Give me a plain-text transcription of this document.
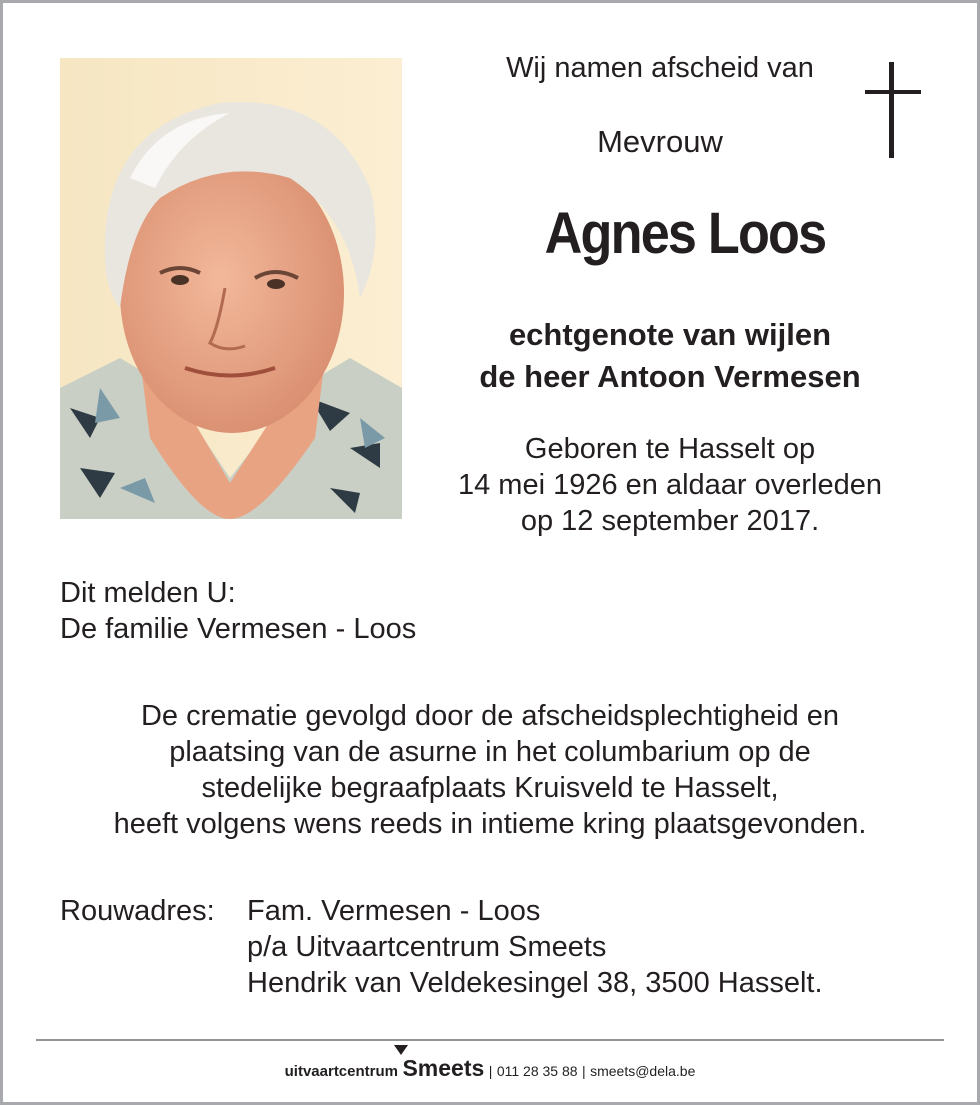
Wij namen afscheid van
Mevrouw
Agnes Loos
echtgenote van wijlen
de heer Antoon Vermesen
Geboren te Hasselt op
14 mei 1926 en aldaar overleden
op 12 september 2017.
Dit melden U:
De familie Vermesen - Loos
De crematie gevolgd door de afscheidsplechtigheid en
plaatsing van de asurne in het columbarium op de
stedelijke begraafplaats Kruisveld te Hasselt,
heeft volgens wens reeds in intieme kring plaatsgevonden.
Rouwadres: Fam. Vermesen - Loos
p/a Uitvaartcentrum Smeets
Hendrik van Veldekesingel 38, 3500 Hasselt.
uitvaartcentrum Smeets | 011 28 35 88 | smeets@dela.be
